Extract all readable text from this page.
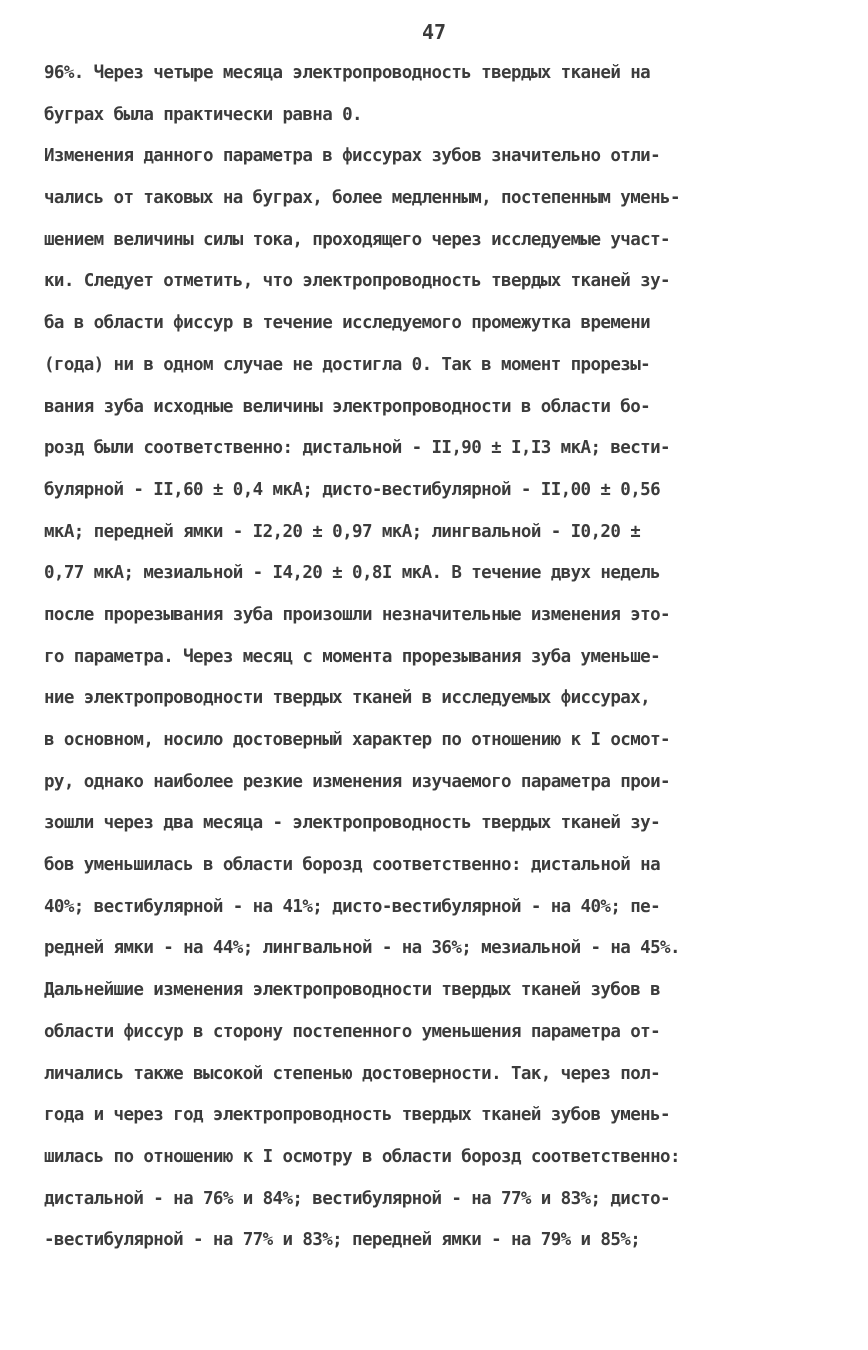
47
96%. Через четыре месяца электропроводность твердых тканей на
буграх была практически равна 0.
Изменения данного параметра в фиссурах зубов значительно отли-
чались от таковых на буграх, более медленным, постепенным умень-
шением величины силы тока, проходящего через исследуемые участ-
ки. Следует отметить, что электропроводность твердых тканей зу-
ба в области фиссур в течение исследуемого промежутка времени
(года) ни в одном случае не достигла 0. Так в момент прорезы-
вания зуба исходные величины электропроводности в области бо-
розд были соответственно: дистальной - II,90 ± I,I3 мкА; вести-
булярной - II,60 ± 0,4 мкА; дисто-вестибулярной - II,00 ± 0,56
мкА; передней ямки - I2,20 ± 0,97 мкА; лингвальной - I0,20 ±
0,77 мкА; мезиальной - I4,20 ± 0,8I мкА. В течение двух недель
после прорезывания зуба произошли незначительные изменения это-
го параметра. Через месяц с момента прорезывания зуба уменьше-
ние электропроводности твердых тканей в исследуемых фиссурах,
в основном, носило достоверный характер по отношению к I осмот-
ру, однако наиболее резкие изменения изучаемого параметра прои-
зошли через два месяца - электропроводность твердых тканей зу-
бов уменьшилась в области борозд соответственно: дистальной на
40%; вестибулярной - на 41%; дисто-вестибулярной - на 40%; пе-
редней ямки - на 44%; лингвальной - на 36%; мезиальной - на 45%.
Дальнейшие изменения электропроводности твердых тканей зубов в
области фиссур в сторону постепенного уменьшения параметра от-
личались также высокой степенью достоверности. Так, через пол-
года и через год электропроводность твердых тканей зубов умень-
шилась по отношению к I осмотру в области борозд соответственно:
дистальной - на 76% и 84%; вестибулярной - на 77% и 83%; дисто-
-вестибулярной - на 77% и 83%; передней ямки - на 79% и 85%;
